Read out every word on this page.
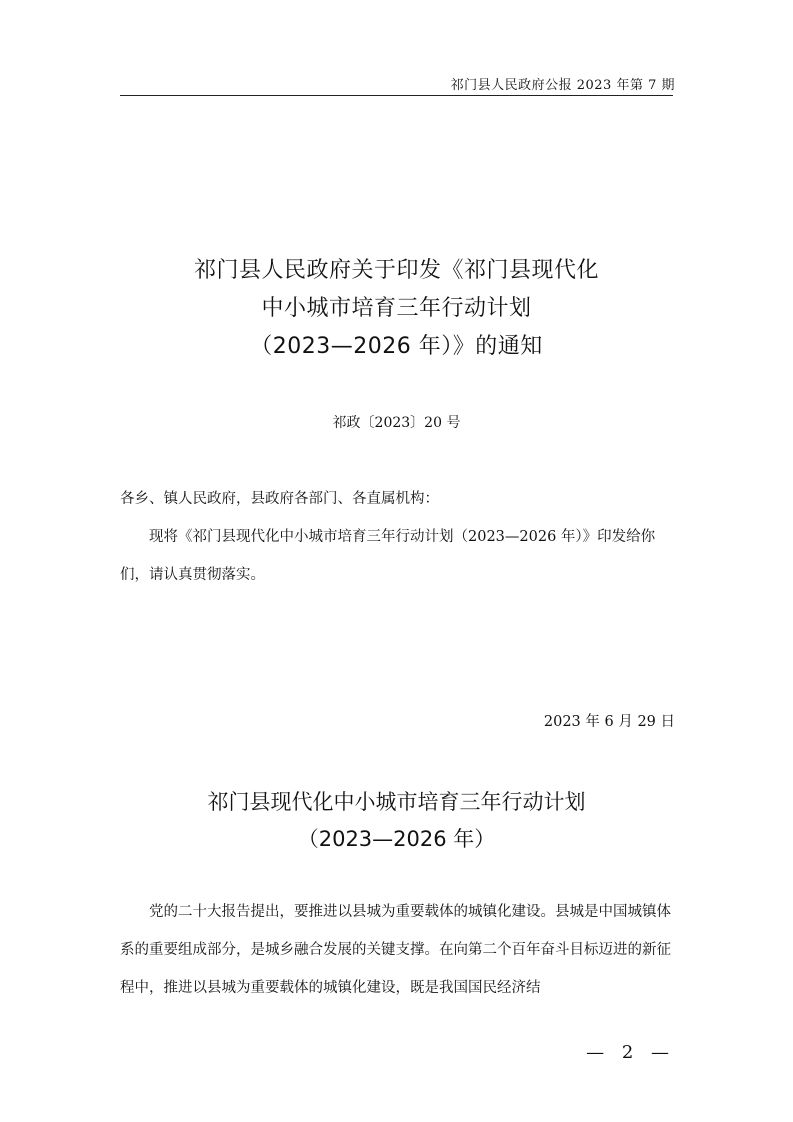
祁门县人民政府公报 2023 年第 7 期
祁门县人民政府关于印发《祁门县现代化
中小城市培育三年行动计划
（2023—2026 年）》的通知
祁政〔2023〕20 号

各乡、镇人民政府，县政府各部门、各直属机构：

现将《祁门县现代化中小城市培育三年行动计划（2023—2026 年）》印发给你们，请认真贯彻落实。

2023 年 6 月 29 日
祁门县现代化中小城市培育三年行动计划
（2023—2026 年）

党的二十大报告提出，要推进以县城为重要载体的城镇化建设。县城是中国城镇体系的重要组成部分，是城乡融合发展的关键支撑。在向第二个百年奋斗目标迈进的新征程中，推进以县城为重要载体的城镇化建设，既是我国国民经济结

— 2 —
